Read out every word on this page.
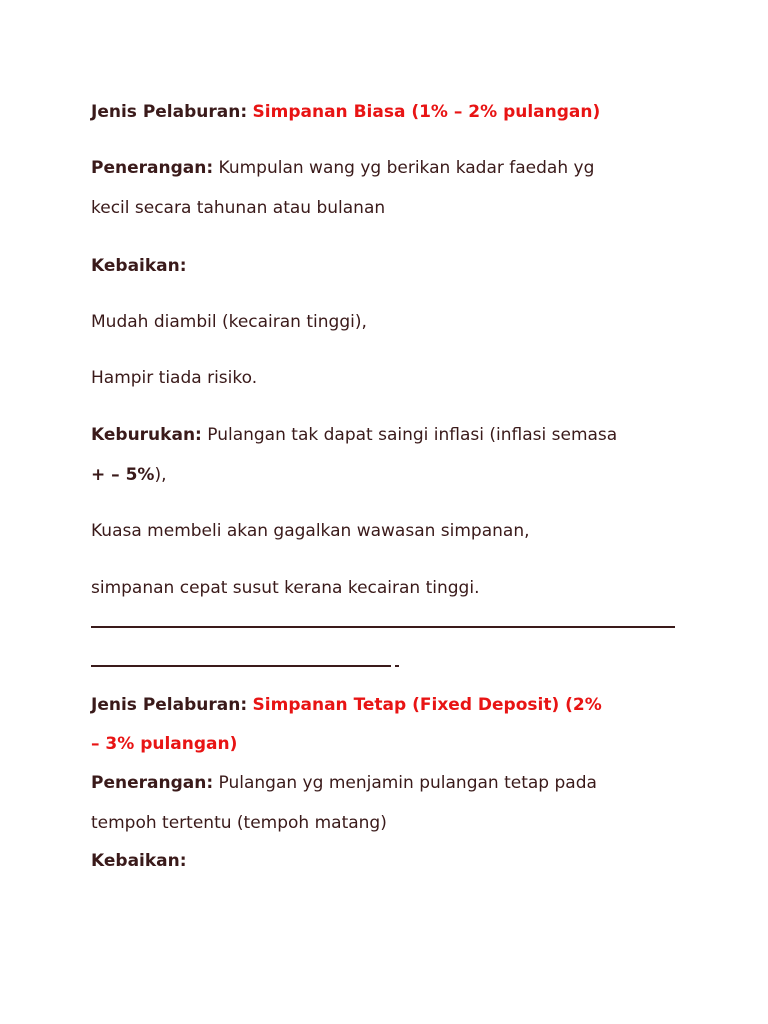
Jenis Pelaburan: Simpanan Biasa (1% – 2% pulangan)
Penerangan: Kumpulan wang yg berikan kadar faedah yg
kecil secara tahunan atau bulanan
Kebaikan:
Mudah diambil (kecairan tinggi),
Hampir tiada risiko.
Keburukan: Pulangan tak dapat saingi inflasi (inflasi semasa
+ – 5%),
Kuasa membeli akan gagalkan wawasan simpanan,
simpanan cepat susut kerana kecairan tinggi.
Jenis Pelaburan: Simpanan Tetap (Fixed Deposit) (2%
– 3% pulangan)
Penerangan: Pulangan yg menjamin pulangan tetap pada
tempoh tertentu (tempoh matang)
Kebaikan:
